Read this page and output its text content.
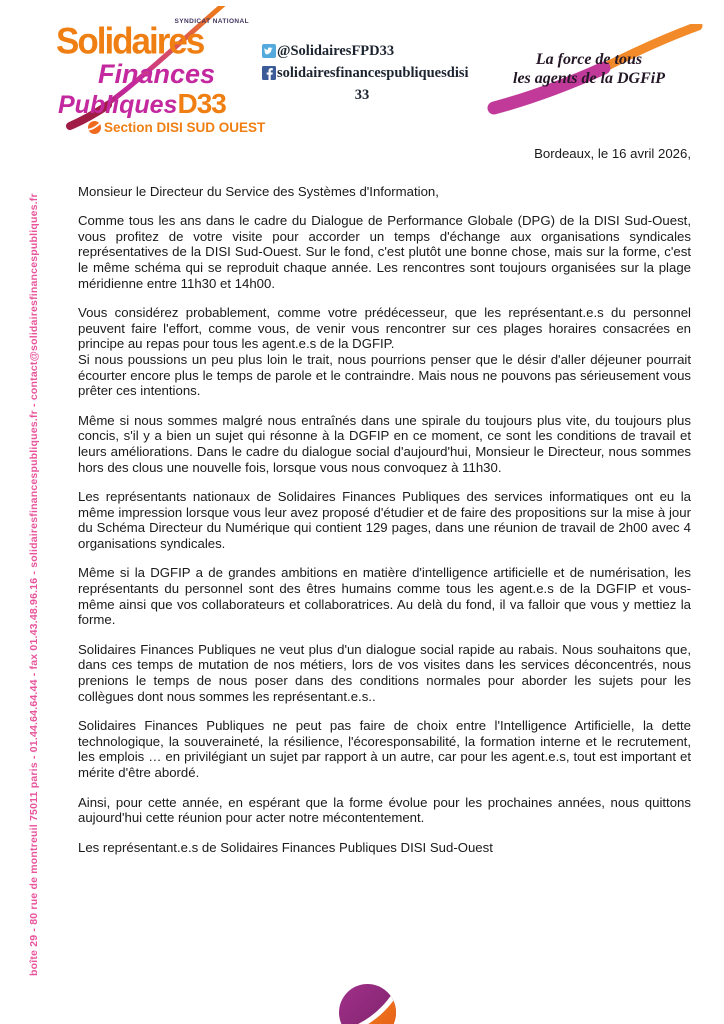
boîte 29 - 80 rue de montreuil 75011 paris - 01.44.64.64.44 - fax 01.43.48.96.16 - solidairesfinancespubliques.fr - contact@solidairesfinancespubliques.fr
SYNDICAT NATIONAL
Solidaires
Finances
PubliquesD33
Section DISI SUD OUEST
@SolidairesFPD33
solidairesfinancespubliquesdisi
33
La force de tous
les agents de la DGFiP

Bordeaux, le 16 avril 2026,

Monsieur le Directeur du Service des Systèmes d'Information,

Comme tous les ans dans le cadre du Dialogue de Performance Globale (DPG) de la DISI Sud-Ouest, vous profitez de votre visite pour accorder un temps d'échange aux organisations syndicales représentatives de la DISI Sud-Ouest. Sur le fond, c'est plutôt une bonne chose, mais sur la forme, c'est le même schéma qui se reproduit chaque année. Les rencontres sont toujours organisées sur la plage méridienne entre 11h30 et 14h00.

Vous considérez probablement, comme votre prédécesseur, que les représentant.e.s du personnel peuvent faire l'effort, comme vous, de venir vous rencontrer sur ces plages horaires consacrées en principe au repas pour tous les agent.e.s de la DGFIP.

Si nous poussions un peu plus loin le trait, nous pourrions penser que le désir d'aller déjeuner pourrait écourter encore plus le temps de parole et le contraindre. Mais nous ne pouvons pas sérieusement vous prêter ces intentions.

Même si nous sommes malgré nous entraînés dans une spirale du toujours plus vite, du toujours plus concis, s'il y a bien un sujet qui résonne à la DGFIP en ce moment, ce sont les conditions de travail et leurs améliorations. Dans le cadre du dialogue social d'aujourd'hui, Monsieur le Directeur, nous sommes hors des clous une nouvelle fois, lorsque vous nous convoquez à 11h30.

Les représentants nationaux de Solidaires Finances Publiques des services informatiques ont eu la même impression lorsque vous leur avez proposé d'étudier et de faire des propositions sur la mise à jour du Schéma Directeur du Numérique qui contient 129 pages, dans une réunion de travail de 2h00 avec 4 organisations syndicales.

Même si la DGFIP a de grandes ambitions en matière d'intelligence artificielle et de numérisation, les représentants du personnel sont des êtres humains comme tous les agent.e.s de la DGFIP et vous-même ainsi que vos collaborateurs et collaboratrices. Au delà du fond, il va falloir que vous y mettiez la forme.

Solidaires Finances Publiques ne veut plus d'un dialogue social rapide au rabais. Nous souhaitons que, dans ces temps de mutation de nos métiers, lors de vos visites dans les services déconcentrés, nous prenions le temps de nous poser dans des conditions normales pour aborder les sujets pour les collègues dont nous sommes les représentant.e.s..

Solidaires Finances Publiques ne peut pas faire de choix entre l'Intelligence Artificielle, la dette technologique, la souveraineté, la résilience, l'écoresponsabilité, la formation interne et le recrutement, les emplois … en privilégiant un sujet par rapport à un autre, car pour les agent.e.s, tout est important et mérite d'être abordé.

Ainsi, pour cette année, en espérant que la forme évolue pour les prochaines années, nous quittons aujourd'hui cette réunion pour acter notre mécontentement.

Les représentant.e.s de Solidaires Finances Publiques DISI Sud-Ouest
